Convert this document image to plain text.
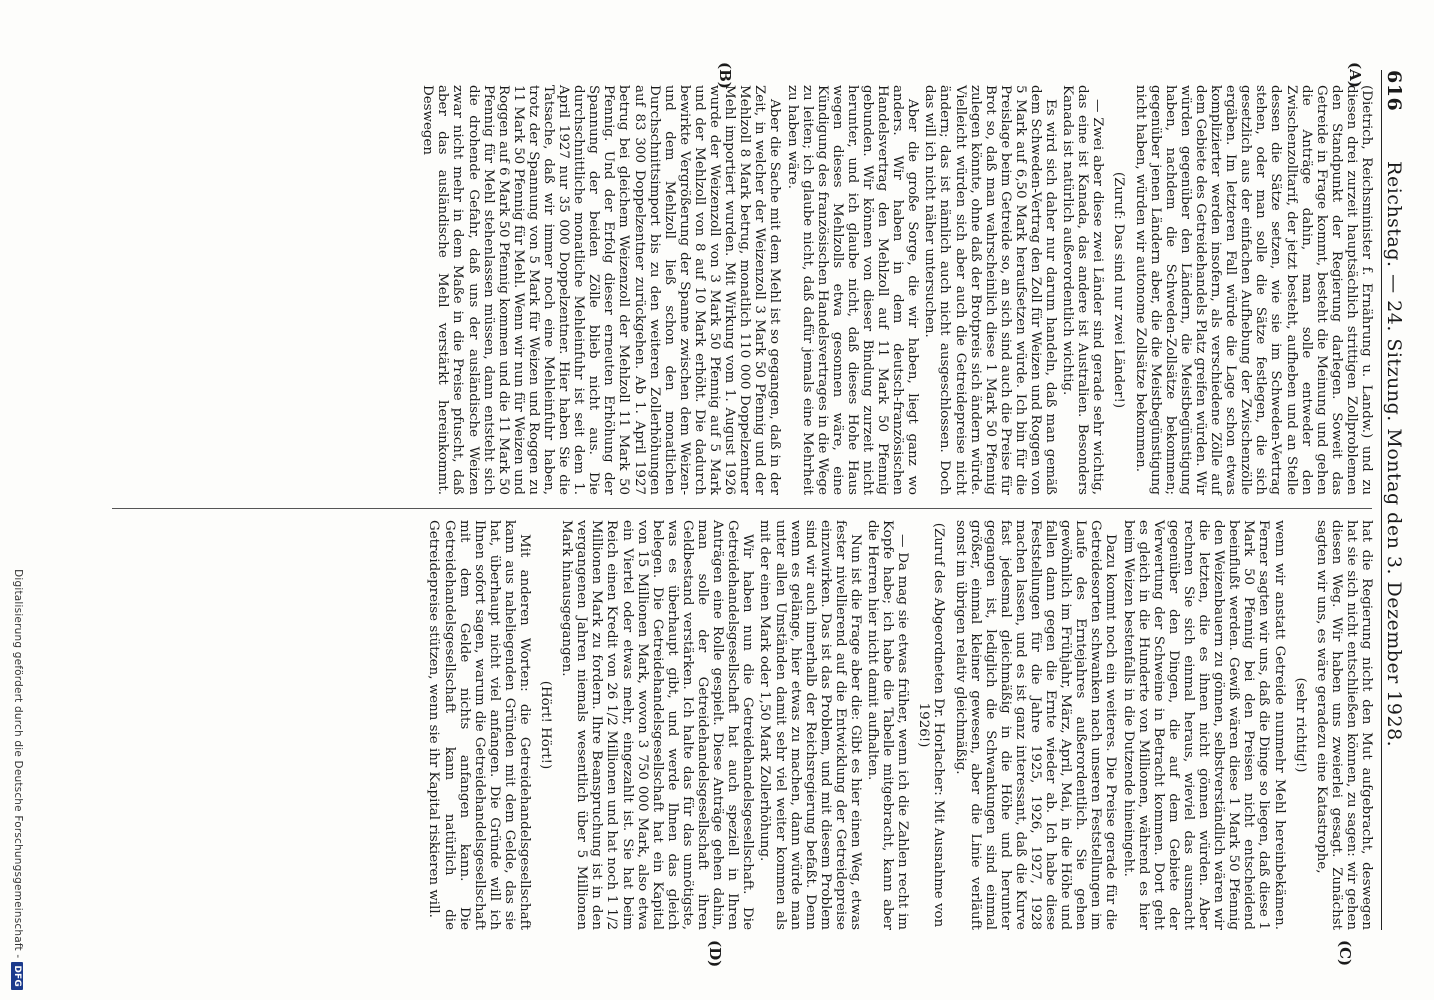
616
Reichstag. — 24. Sitzung. Montag den 3. Dezember 1928.
(A)
(B)
(C)
(D)

(Dietrich, Reichsminister f. Ernährung u. Landw.) und zu diesen drei zurzeit hauptsächlich strittigen Zollproblemen den Standpunkt der Regierung darlegen. Soweit das Getreide in Frage kommt, besteht die Meinung und gehen die Anträge dahin, man solle entweder den Zwischenzolltarif, der jetzt besteht, aufheben und an Stelle dessen die Sätze setzen, wie sie im Schweden-Vertrag stehen, oder man solle die Sätze festlegen, die sich gesetzlich aus der einfachen Aufhebung der Zwischenzölle ergäben. Im letzteren Fall würde die Lage schon etwas komplizierter werden insofern, als verschiedene Zölle auf dem Gebiete des Getreidehandels Platz greifen würden. Wir würden gegenüber den Ländern, die Meistbegünstigung haben, nachdem die Schweden-Zollsätze bekommen; gegenüber jenen Ländern aber, die die Meistbegünstigung nicht haben, würden wir autonome Zollsätze bekommen.

(Zuruf: Das sind nur zwei Länder!)

— Zwei aber diese zwei Länder sind gerade sehr wichtig, das eine ist Kanada, das andere ist Australien. Besonders Kanada ist natürlich außerordentlich wichtig.

Es wird sich daher nur darum handeln, daß man gemäß dem Schweden-Vertrag den Zoll für Weizen und Roggen von 5 Mark auf 6,50 Mark heraufsetzen würde. Ich bin für die Preislage beim Getreide so, an sich sind auch die Preise für Brot so, daß man wahrscheinlich diese 1 Mark 50 Pfennig zulegen könnte, ohne daß der Brotpreis sich ändern würde. Vielleicht würden sich aber auch die Getreidepreise nicht ändern; das ist nämlich auch nicht ausgeschlossen. Doch das will ich nicht näher untersuchen.

Aber die große Sorge, die wir haben, liegt ganz wo anders. Wir haben in dem deutsch-französischen Handelsvertrag den Mehlzoll auf 11 Mark 50 Pfennig gebunden. Wir können von dieser Bindung zurzeit nicht herunter, und ich glaube nicht, daß dieses Hohe Haus wegen dieses Mehlzolls etwa gesonnen wäre, eine Kündigung des französischen Handelsvertrages in die Wege zu leiten; ich glaube nicht, daß dafür jemals eine Mehrheit zu haben wäre.

Aber die Sache mit dem Mehl ist so gegangen, daß in der Zeit, in welcher der Weizenzoll 3 Mark 50 Pfennig und der Mehlzoll 8 Mark betrug, monatlich 110 000 Doppelzentner Mehl importiert wurden. Mit Wirkung vom 1. August 1926 wurde der Weizenzoll von 3 Mark 50 Pfennig auf 5 Mark und der Mehlzoll von 8 auf 10 Mark erhöht. Die dadurch bewirkte Vergrößerung der Spanne zwischen dem Weizen- und dem Mehlzoll ließ schon den monatlichen Durchschnittsimport bis zu den weiteren Zollerhöhungen auf 83 300 Doppelzentner zurückgehen. Ab 1. April 1927 betrug bei gleichem Weizenzoll der Mehlzoll 11 Mark 50 Pfennig. Und der Erfolg dieser erneuten Erhöhung der Spannung der beiden Zölle blieb nicht aus. Die durchschnittliche monatliche Mehleinfuhr ist seit dem 1. April 1927 nur 35 000 Doppelzentner. Hier haben Sie die Tatsache, daß wir immer noch eine Mehleinfuhr haben, trotz der Spannung von 5 Mark für Weizen und Roggen zu 11 Mark 50 Pfennig für Mehl. Wenn wir nun für Weizen und Roggen auf 6 Mark 50 Pfennig kommen und die 11 Mark 50 Pfennig für Mehl stehenlassen müssen, dann entsteht sich die drohende Gefahr, daß uns der ausländische Weizen zwar nicht mehr in dem Maße in die Preise pfuscht, daß aber das ausländische Mehl verstärkt hereinkommt. Deswegen

hat die Regierung nicht den Mut aufgebracht, deswegen hat sie sich nicht entschließen können, zu sagen: wir gehen diesen Weg. Wir haben uns zweierlei gesagt. Zunächst sagten wir uns, es wäre geradezu eine Katastrophe,

(sehr richtig!)

wenn wir anstatt Getreide nunmehr Mehl hereinbekämen. Ferner sagten wir uns, daß die Dinge so liegen, daß diese 1 Mark 50 Pfennig bei den Preisen nicht entscheidend beeinflußt werden. Gewiß wären diese 1 Mark 50 Pfennig den Weizenbauern zu gönnen, selbstverständlich wären wir die letzten, die es ihnen nicht gönnen würden. Aber rechnen Sie sich einmal heraus, wieviel das ausmacht gegenüber den Dingen, die auf dem Gebiete der Verwertung der Schweine in Betracht kommen. Dort geht es gleich in die Hunderte von Millionen, während es hier beim Weizen bestenfalls in die Dutzende hineingeht.

Dazu kommt noch ein weiteres. Die Preise gerade für die Getreidesorten schwanken nach unseren Feststellungen im Laufe des Erntejahres außerordentlich. Sie gehen gewöhnlich im Frühjahr, März, April, Mai, in die Höhe und fallen dann gegen die Ernte wieder ab. Ich habe diese Feststellungen für die Jahre 1925, 1926, 1927, 1928 machen lassen, und es ist ganz interessant, daß die Kurve fast jedesmal gleichmäßig in die Höhe und herunter gegangen ist, lediglich die Schwankungen sind einmal größer, einmal kleiner gewesen, aber die Linie verläuft sonst im übrigen relativ gleichmäßig.

(Zuruf des Abgeordneten Dr. Horlacher: Mit Ausnahme von 1926!)

— Da mag sie etwas früher, wenn ich die Zahlen recht im Kopfe habe; ich habe die Tabelle mitgebracht, kann aber die Herren hier nicht damit aufhalten.

Nun ist die Frage aber die: Gibt es hier einen Weg, etwas fester nivellierend auf die Entwicklung der Getreidepreise einzuwirken. Das ist das Problem, und mit diesem Problem sind wir auch innerhalb der Reichsregierung befaßt. Denn wenn es gelänge, hier etwas zu machen, dann würde man unter allen Umständen damit sehr viel weiter kommen als mit der einen Mark oder 1,50 Mark Zollerhöhung.

Wir haben nun die Getreidehandelsgesellschaft. Die Getreidehandelsgesellschaft hat auch speziell in Ihren Anträgen eine Rolle gespielt. Diese Anträge gehen dahin, man solle der Getreidehandelsgesellschaft ihren Geldbestand verstärken. Ich halte das für das unnötigste, was es überhaupt gibt, und werde Ihnen das gleich belegen. Die Getreidehandelsgesellschaft hat ein Kapital von 15 Millionen Mark, wovon 3 750 000 Mark, also etwa ein Viertel oder etwas mehr, eingezahlt ist. Sie hat beim Reich einen Kredit von 26 1/2 Millionen und hat noch 1 1/2 Millionen Mark zu fordern. Ihre Beanspruchung ist in den vergangenen Jahren niemals wesentlich über 5 Millionen Mark hinausgegangen.

(Hört! Hört!)

Mit anderen Worten: die Getreidehandelsgesellschaft kann aus naheliegenden Gründen mit dem Gelde, das sie hat, überhaupt nicht viel anfangen. Die Gründe will ich Ihnen sofort sagen, warum die Getreidehandelsgesellschaft mit dem Gelde nichts anfangen kann. Die Getreidehandelsgesellschaft kann natürlich die Getreidepreise stützen, wenn sie ihr Kapital riskieren will.

Digitalisierung gefördert durch die Deutsche Forschungsgemeinschaft -DFG
